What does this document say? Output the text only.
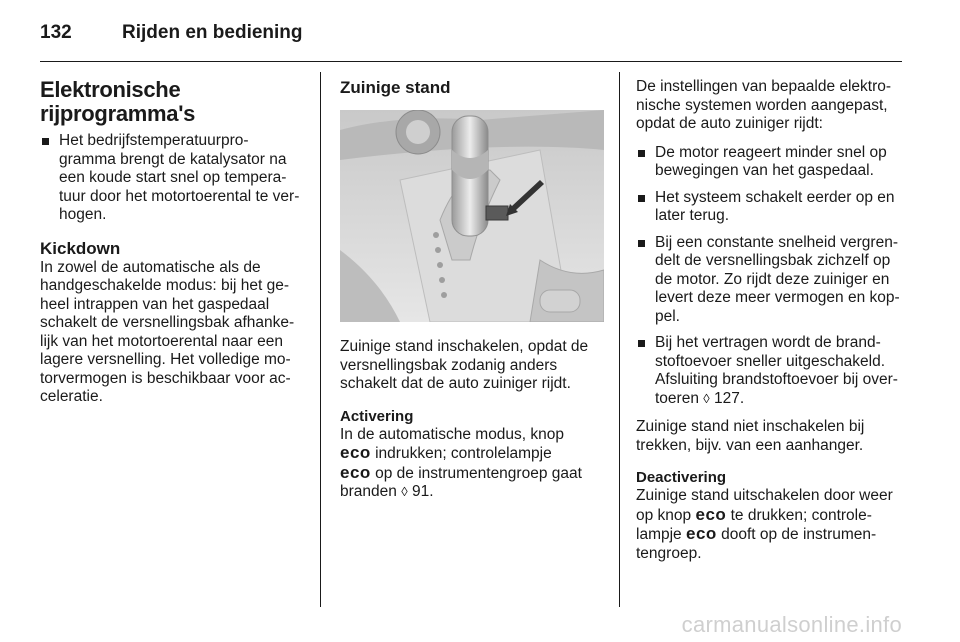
132	Rijden en bediening
Elektronische
rijprogramma's
Het bedrijfstemperatuurpro- gramma brengt de katalysator na een koude start snel op tempera- tuur door het motortoerental te ver- hogen.
Kickdown

In zowel de automatische als de handgeschakelde modus: bij het ge- heel intrappen van het gaspedaal schakelt de versnellingsbak afhanke- lijk van het motortoerental naar een lagere versnelling. Het volledige mo- torvermogen is beschikbaar voor ac- celeratie.

Zuinige stand

Zuinige stand inschakelen, opdat de versnellingsbak zodanig anders schakelt dat de auto zuiniger rijdt.

Activering

In de automatische modus, knop
eco indrukken; controlelampje
eco op de instrumentengroep gaat branden ◊ 91.

De instellingen van bepaalde elektro- nische systemen worden aangepast, opdat de auto zuiniger rijdt:

De motor reageert minder snel op bewegingen van het gaspedaal.
Het systeem schakelt eerder op en later terug.
Bij een constante snelheid vergren- delt de versnellingsbak zichzelf op de motor. Zo rijdt deze zuiniger en levert deze meer vermogen en kop- pel.
Bij het vertragen wordt de brand- stoftoevoer sneller uitgeschakeld. Afsluiting brandstoftoevoer bij over- toeren ◊ 127.

Zuinige stand niet inschakelen bij trekken, bijv. van een aanhanger.

Deactivering

Zuinige stand uitschakelen door weer op knop eco te drukken; controle- lampje eco dooft op de instrumen- tengroep.

carmanualsonline.info
